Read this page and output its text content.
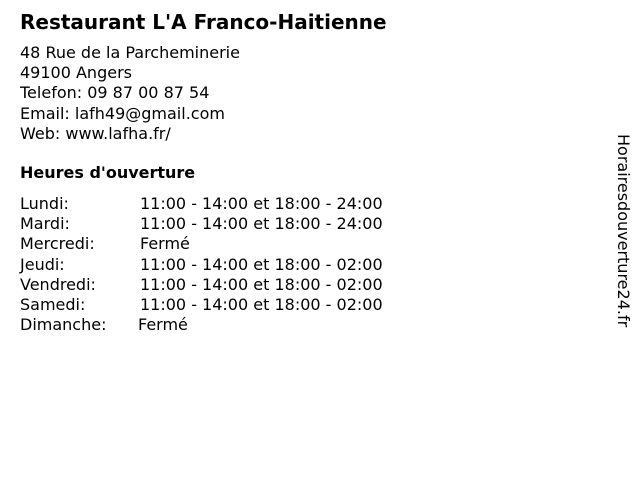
Restaurant L'A Franco-Haitienne
48 Rue de la Parcheminerie
49100 Angers
Telefon: 09 87 00 87 54
Email: lafh49@gmail.com
Web: www.lafha.fr/
Heures d'ouverture
Lundi:	11:00 - 14:00 et 18:00 - 24:00
Mardi:	11:00 - 14:00 et 18:00 - 24:00
Mercredi:	Fermé
Jeudi:	11:00 - 14:00 et 18:00 - 02:00
Vendredi:	11:00 - 14:00 et 18:00 - 02:00
Samedi:	11:00 - 14:00 et 18:00 - 02:00
Dimanche: Fermé	Horairesdouverture24.fr
